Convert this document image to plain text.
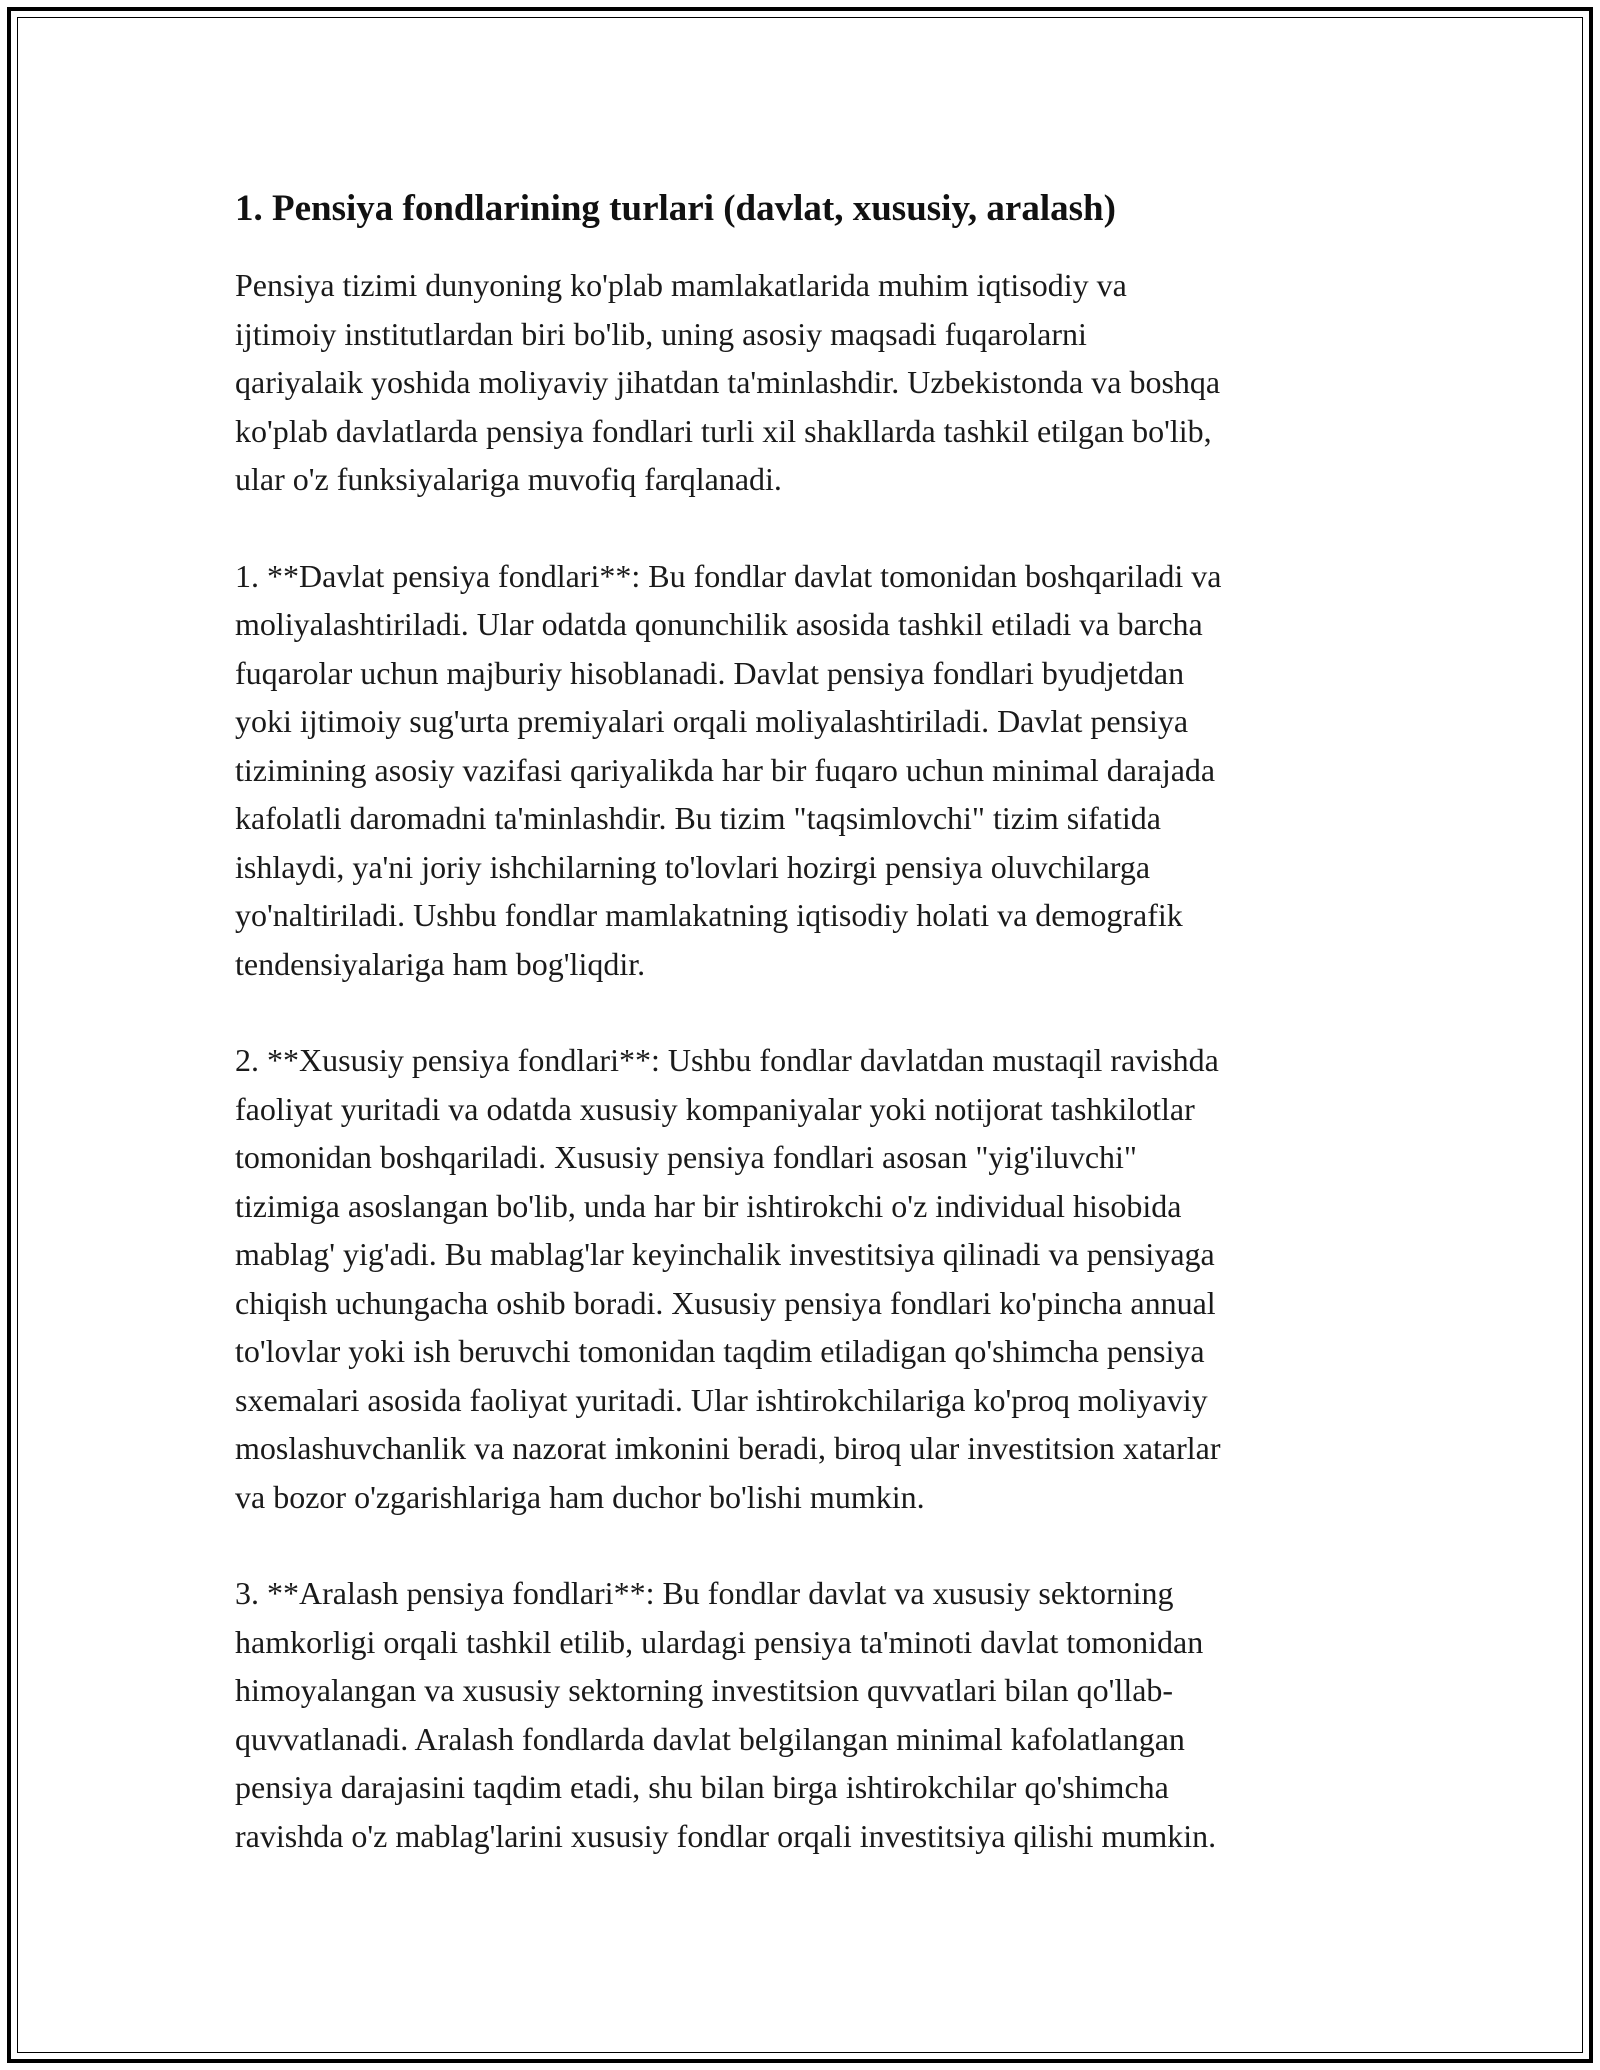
1. Pensiya fondlarining turlari (davlat, xususiy, aralash)

Pensiya tizimi dunyoning ko'plab mamlakatlarida muhim iqtisodiy va
ijtimoiy institutlardan biri bo'lib, uning asosiy maqsadi fuqarolarni
qariyalaik yoshida moliyaviy jihatdan ta'minlashdir. Uzbekistonda va boshqa
ko'plab davlatlarda pensiya fondlari turli xil shakllarda tashkil etilgan bo'lib,
ular o'z funksiyalariga muvofiq farqlanadi.

1. **Davlat pensiya fondlari**: Bu fondlar davlat tomonidan boshqariladi va
moliyalashtiriladi. Ular odatda qonunchilik asosida tashkil etiladi va barcha
fuqarolar uchun majburiy hisoblanadi. Davlat pensiya fondlari byudjetdan
yoki ijtimoiy sug'urta premiyalari orqali moliyalashtiriladi. Davlat pensiya
tizimining asosiy vazifasi qariyalikda har bir fuqaro uchun minimal darajada
kafolatli daromadni ta'minlashdir. Bu tizim "taqsimlovchi" tizim sifatida
ishlaydi, ya'ni joriy ishchilarning to'lovlari hozirgi pensiya oluvchilarga
yo'naltiriladi. Ushbu fondlar mamlakatning iqtisodiy holati va demografik
tendensiyalariga ham bog'liqdir.

2. **Xususiy pensiya fondlari**: Ushbu fondlar davlatdan mustaqil ravishda
faoliyat yuritadi va odatda xususiy kompaniyalar yoki notijorat tashkilotlar
tomonidan boshqariladi. Xususiy pensiya fondlari asosan "yig'iluvchi"
tizimiga asoslangan bo'lib, unda har bir ishtirokchi o'z individual hisobida
mablag' yig'adi. Bu mablag'lar keyinchalik investitsiya qilinadi va pensiyaga
chiqish uchungacha oshib boradi. Xususiy pensiya fondlari ko'pincha annual
to'lovlar yoki ish beruvchi tomonidan taqdim etiladigan qo'shimcha pensiya
sxemalari asosida faoliyat yuritadi. Ular ishtirokchilariga ko'proq moliyaviy
moslashuvchanlik va nazorat imkonini beradi, biroq ular investitsion xatarlar
va bozor o'zgarishlariga ham duchor bo'lishi mumkin.

3. **Aralash pensiya fondlari**: Bu fondlar davlat va xususiy sektorning
hamkorligi orqali tashkil etilib, ulardagi pensiya ta'minoti davlat tomonidan
himoyalangan va xususiy sektorning investitsion quvvatlari bilan qo'llab-
quvvatlanadi. Aralash fondlarda davlat belgilangan minimal kafolatlangan
pensiya darajasini taqdim etadi, shu bilan birga ishtirokchilar qo'shimcha
ravishda o'z mablag'larini xususiy fondlar orqali investitsiya qilishi mumkin.
